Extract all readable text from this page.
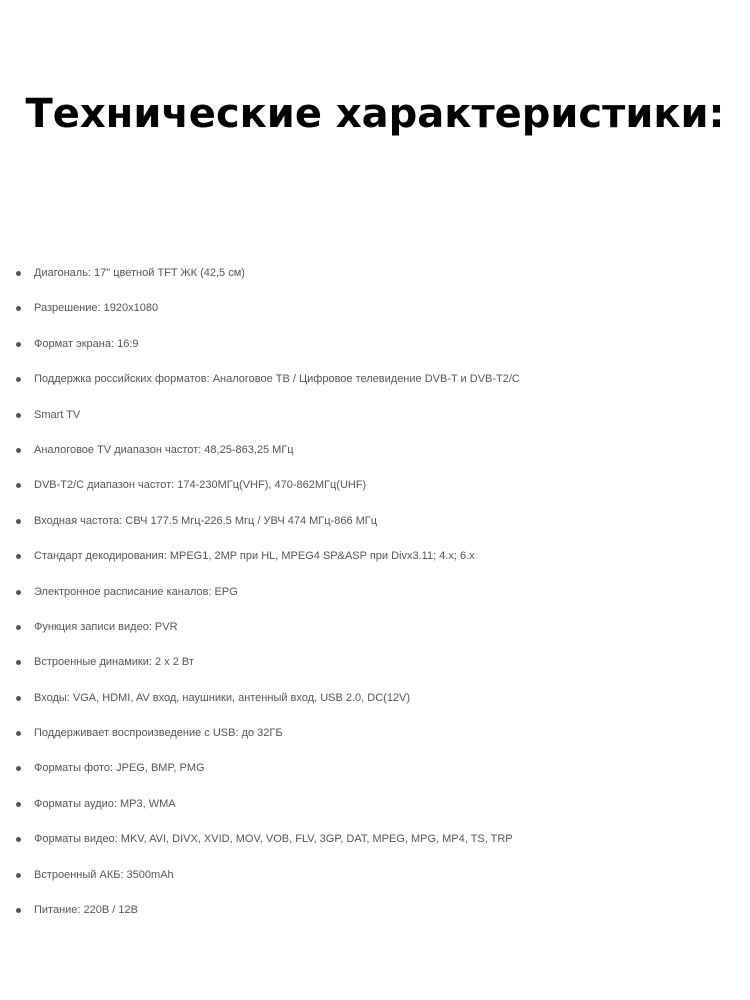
Технические характеристики:
Диагональ: 17" цветной TFT ЖК (42,5 см)
Разрешение: 1920х1080
Формат экрана: 16:9
Поддержка российских форматов: Аналоговое ТВ / Цифровое телевидение DVB-T и DVB-T2/C
Smart TV
Аналоговое TV диапазон частот: 48,25-863,25 МГц
DVB-T2/C диапазон частот: 174-230МГц(VHF), 470-862МГц(UHF)
Входная частота: СВЧ 177.5 Мгц-226.5 Мгц / УВЧ 474 МГц-866 МГц
Стандарт декодирования: MPEG1, 2MP при HL, MPEG4 SP&ASP при Divx3.11; 4.x; 6.x
Электронное расписание каналов: EPG
Функция записи видео: PVR
Встроенные динамики: 2 х 2 Вт
Входы: VGA, HDMI, AV вход, наушники, антенный вход, USB 2.0, DC(12V)
Поддерживает воспроизведение с USB: до 32ГБ
Форматы фото: JPEG, BMP, PMG
Форматы аудио: MP3, WMA
Форматы видео: MKV, AVI, DIVX, XVID, MOV, VOB, FLV, 3GP, DAT, MPEG, MPG, MP4, TS, TRP
Встроенный АКБ: 3500mAh
Питание: 220В / 12В
